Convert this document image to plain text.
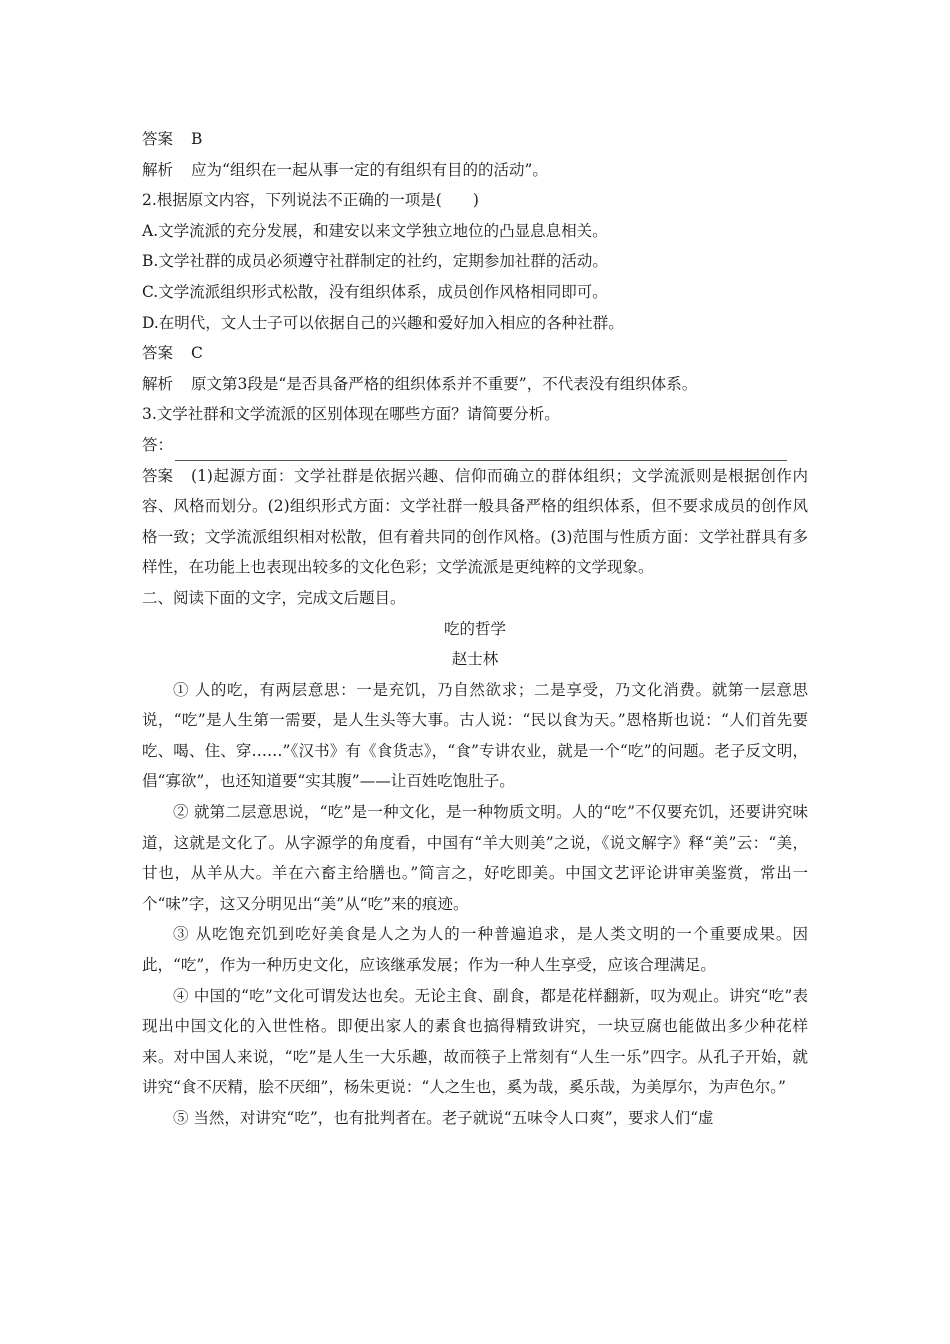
答案 B
解析 应为“组织在一起从事一定的有组织有目的的活动”。
2.根据原文内容，下列说法不正确的一项是(　　)
A.文学流派的充分发展，和建安以来文学独立地位的凸显息息相关。
B.文学社群的成员必须遵守社群制定的社约，定期参加社群的活动。
C.文学流派组织形式松散，没有组织体系，成员创作风格相同即可。
D.在明代，文人士子可以依据自己的兴趣和爱好加入相应的各种社群。
答案 C
解析 原文第3段是“是否具备严格的组织体系并不重要”，不代表没有组织体系。
3.文学社群和文学流派的区别体现在哪些方面？请简要分析。
答：
答案 (1)起源方面：文学社群是依据兴趣、信仰而确立的群体组织；文学流派则是根据创作内容、风格而划分。(2)组织形式方面：文学社群一般具备严格的组织体系，但不要求成员的创作风格一致；文学流派组织相对松散，但有着共同的创作风格。(3)范围与性质方面：文学社群具有多样性，在功能上也表现出较多的文化色彩；文学流派是更纯粹的文学现象。
二、阅读下面的文字，完成文后题目。
吃的哲学
赵士林
① 人的吃，有两层意思：一是充饥，乃自然欲求；二是享受，乃文化消费。就第一层意思说，“吃”是人生第一需要，是人生头等大事。古人说：“民以食为天。”恩格斯也说：“人们首先要吃、喝、住、穿……”《汉书》有《食货志》，“食”专讲农业，就是一个“吃”的问题。老子反文明，倡“寡欲”，也还知道要“实其腹”——让百姓吃饱肚子。
② 就第二层意思说，“吃”是一种文化，是一种物质文明。人的“吃”不仅要充饥，还要讲究味道，这就是文化了。从字源学的角度看，中国有“羊大则美”之说，《说文解字》释“美”云：“美，甘也，从羊从大。羊在六畜主给膳也。”简言之，好吃即美。中国文艺评论讲审美鉴赏，常出一个“味”字，这又分明见出“美”从“吃”来的痕迹。
③ 从吃饱充饥到吃好美食是人之为人的一种普遍追求，是人类文明的一个重要成果。因此，“吃”，作为一种历史文化，应该继承发展；作为一种人生享受，应该合理满足。
④ 中国的“吃”文化可谓发达也矣。无论主食、副食，都是花样翻新，叹为观止。讲究“吃”表现出中国文化的入世性格。即便出家人的素食也搞得精致讲究，一块豆腐也能做出多少种花样来。对中国人来说，“吃”是人生一大乐趣，故而筷子上常刻有“人生一乐”四字。从孔子开始，就讲究“食不厌精，脍不厌细”，杨朱更说：“人之生也，奚为哉，奚乐哉，为美厚尔，为声色尔。”
⑤ 当然，对讲究“吃”，也有批判者在。老子就说“五味令人口爽”，要求人们“虚
